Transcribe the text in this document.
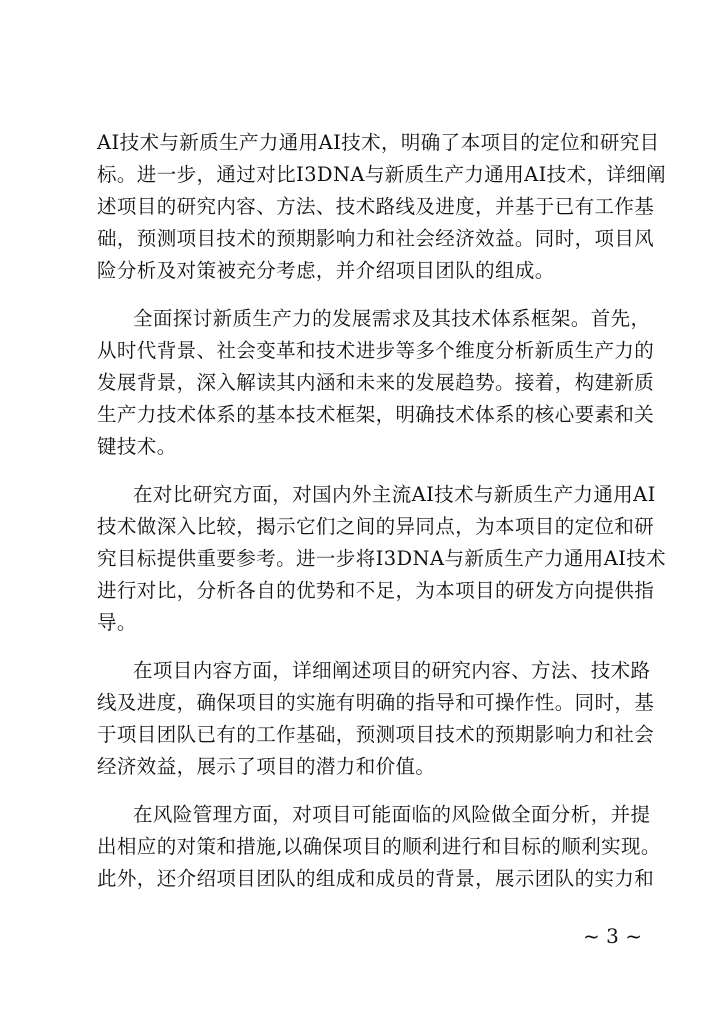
AI技术与新质生产力通用AI技术，明确了本项目的定位和研究目
标。进一步，通过对比I3DNA与新质生产力通用AI技术，详细阐
述项目的研究内容、方法、技术路线及进度，并基于已有工作基
础，预测项目技术的预期影响力和社会经济效益。同时，项目风
险分析及对策被充分考虑，并介绍项目团队的组成。
全面探讨新质生产力的发展需求及其技术体系框架。首先，
从时代背景、社会变革和技术进步等多个维度分析新质生产力的
发展背景，深入解读其内涵和未来的发展趋势。接着，构建新质
生产力技术体系的基本技术框架，明确技术体系的核心要素和关
键技术。
在对比研究方面，对国内外主流AI技术与新质生产力通用AI
技术做深入比较，揭示它们之间的异同点，为本项目的定位和研
究目标提供重要参考。进一步将I3DNA与新质生产力通用AI技术
进行对比，分析各自的优势和不足，为本项目的研发方向提供指
导。
在项目内容方面，详细阐述项目的研究内容、方法、技术路
线及进度，确保项目的实施有明确的指导和可操作性。同时，基
于项目团队已有的工作基础，预测项目技术的预期影响力和社会
经济效益，展示了项目的潜力和价值。
在风险管理方面，对项目可能面临的风险做全面分析，并提
出相应的对策和措施,以确保项目的顺利进行和目标的顺利实现。
此外，还介绍项目团队的组成和成员的背景，展示团队的实力和
~ 3 ~
